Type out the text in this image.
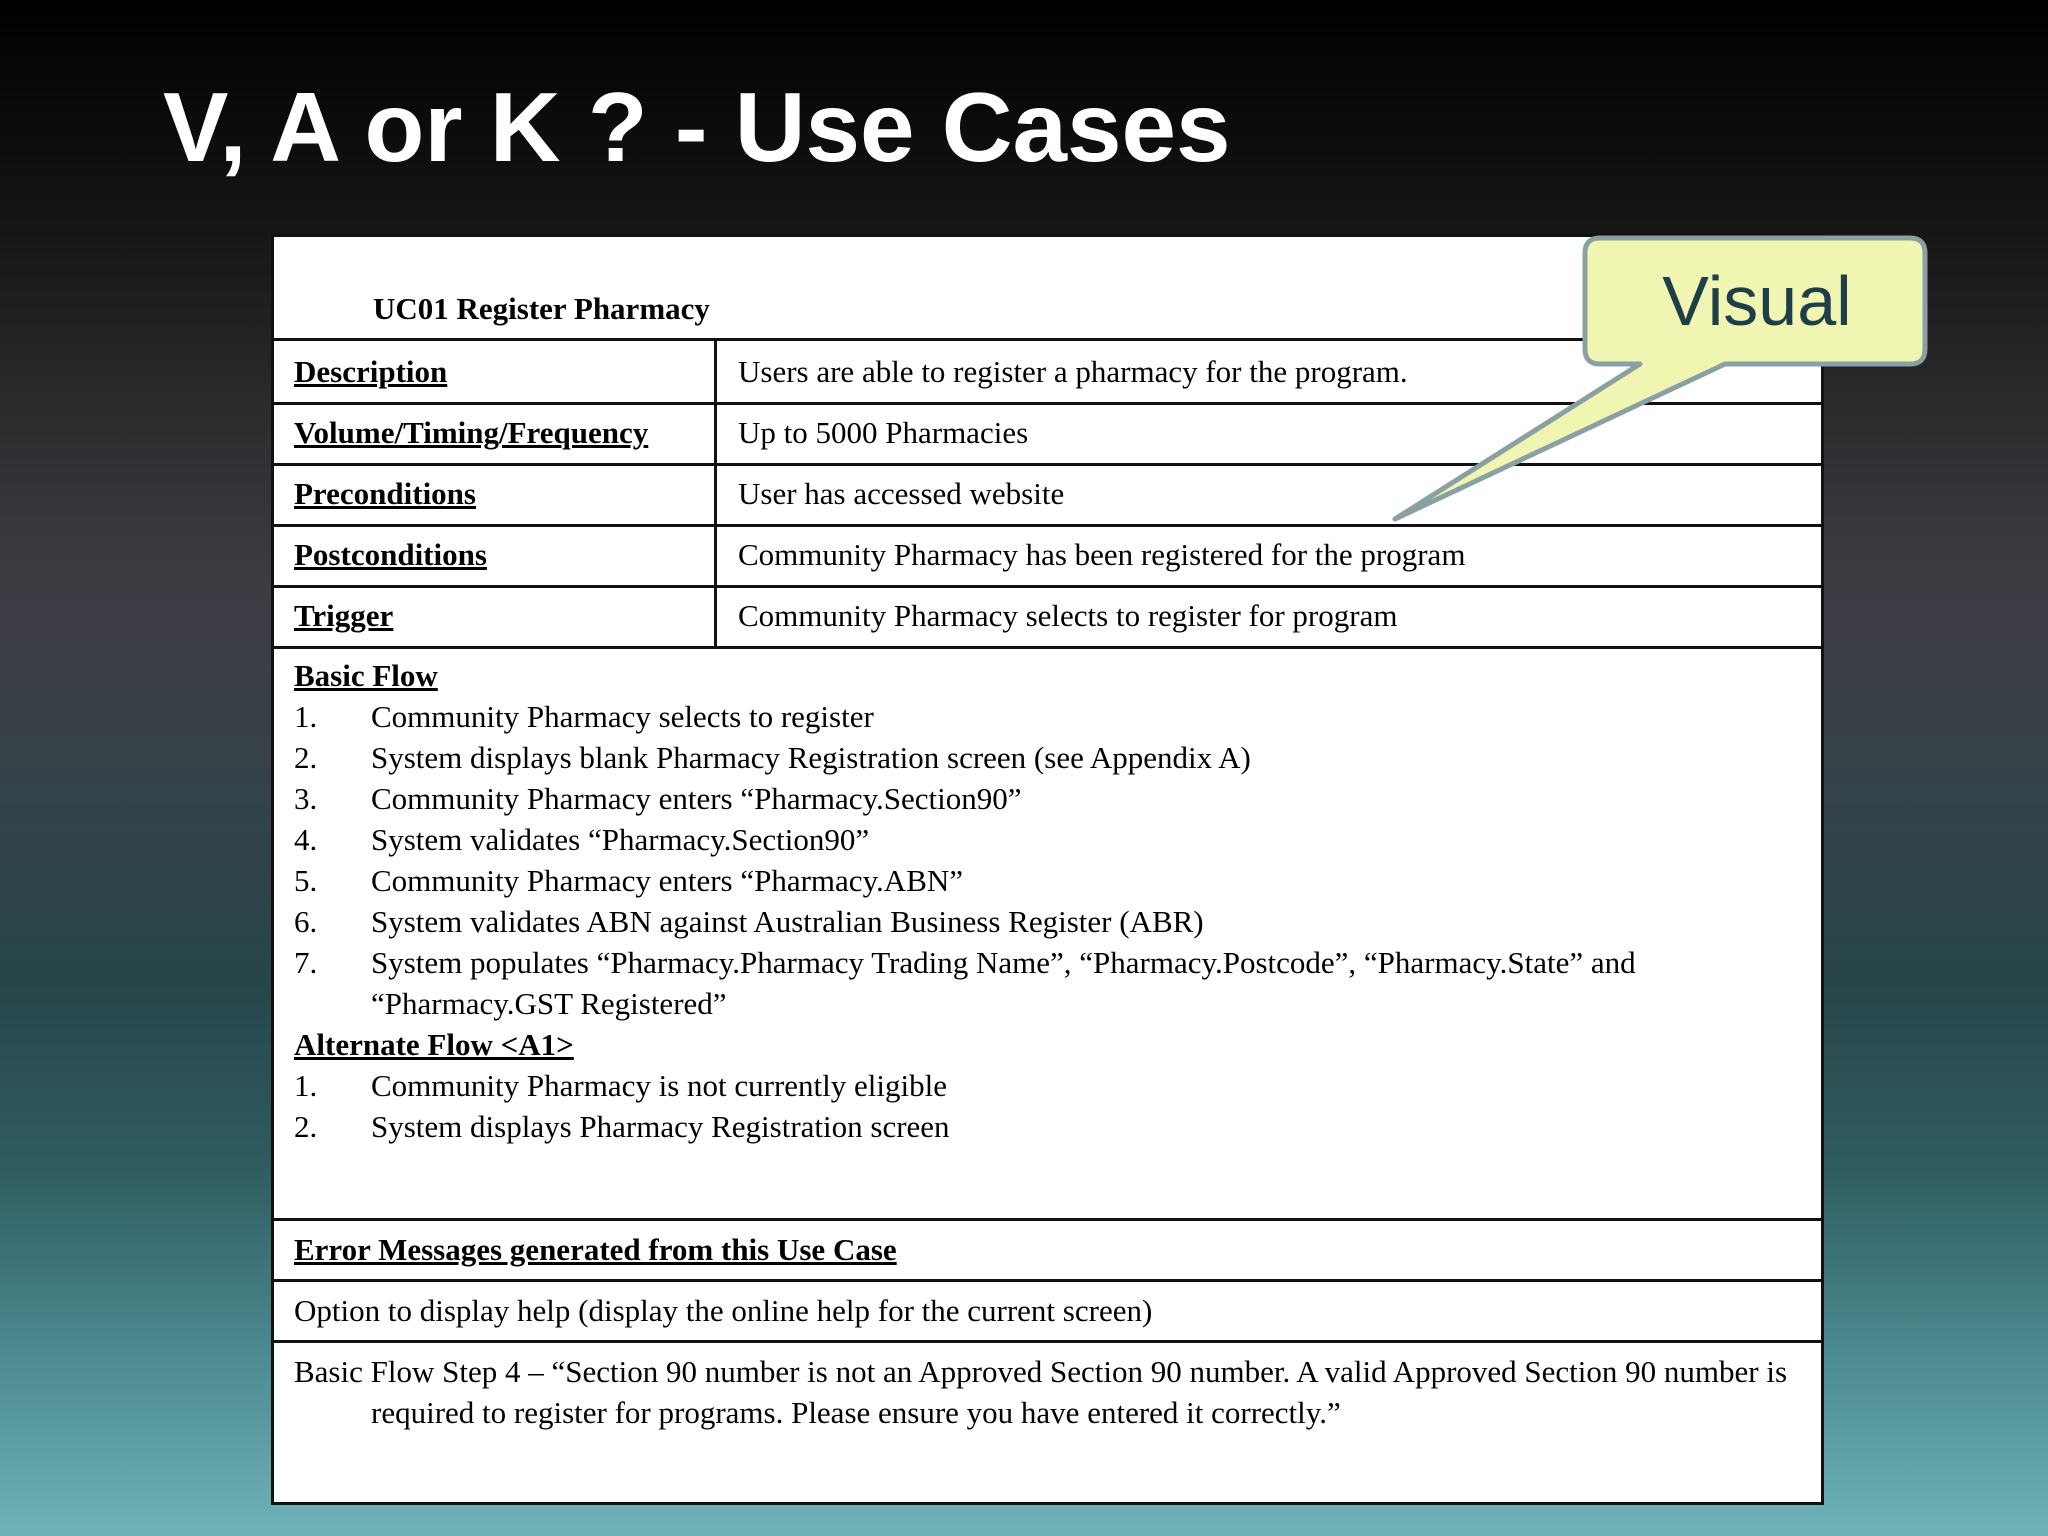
V, A or K ? - Use Cases
UC01 Register Pharmacy
Description	Users are able to register a pharmacy for the program.
Volume/Timing/Frequency	Up to 5000 Pharmacies
Preconditions	User has accessed website
Postconditions	Community Pharmacy has been registered for the program
Trigger	Community Pharmacy selects to register for program
Basic Flow
1. Community Pharmacy selects to register
2. System displays blank Pharmacy Registration screen (see Appendix A)
3. Community Pharmacy enters “Pharmacy.Section90”
4. System validates “Pharmacy.Section90”
5. Community Pharmacy enters “Pharmacy.ABN”
6. System validates ABN against Australian Business Register (ABR)
7. System populates “Pharmacy.Pharmacy Trading Name”, “Pharmacy.Postcode”, “Pharmacy.State” and “Pharmacy.GST Registered”
Alternate Flow <A1>
1. Community Pharmacy is not currently eligible
2. System displays Pharmacy Registration screen
Error Messages generated from this Use Case
Option to display help (display the online help for the current screen)
Basic Flow Step 4 – “Section 90 number is not an Approved Section 90 number. A valid Approved Section 90 number is required to register for programs. Please ensure you have entered it correctly.”
Visual
